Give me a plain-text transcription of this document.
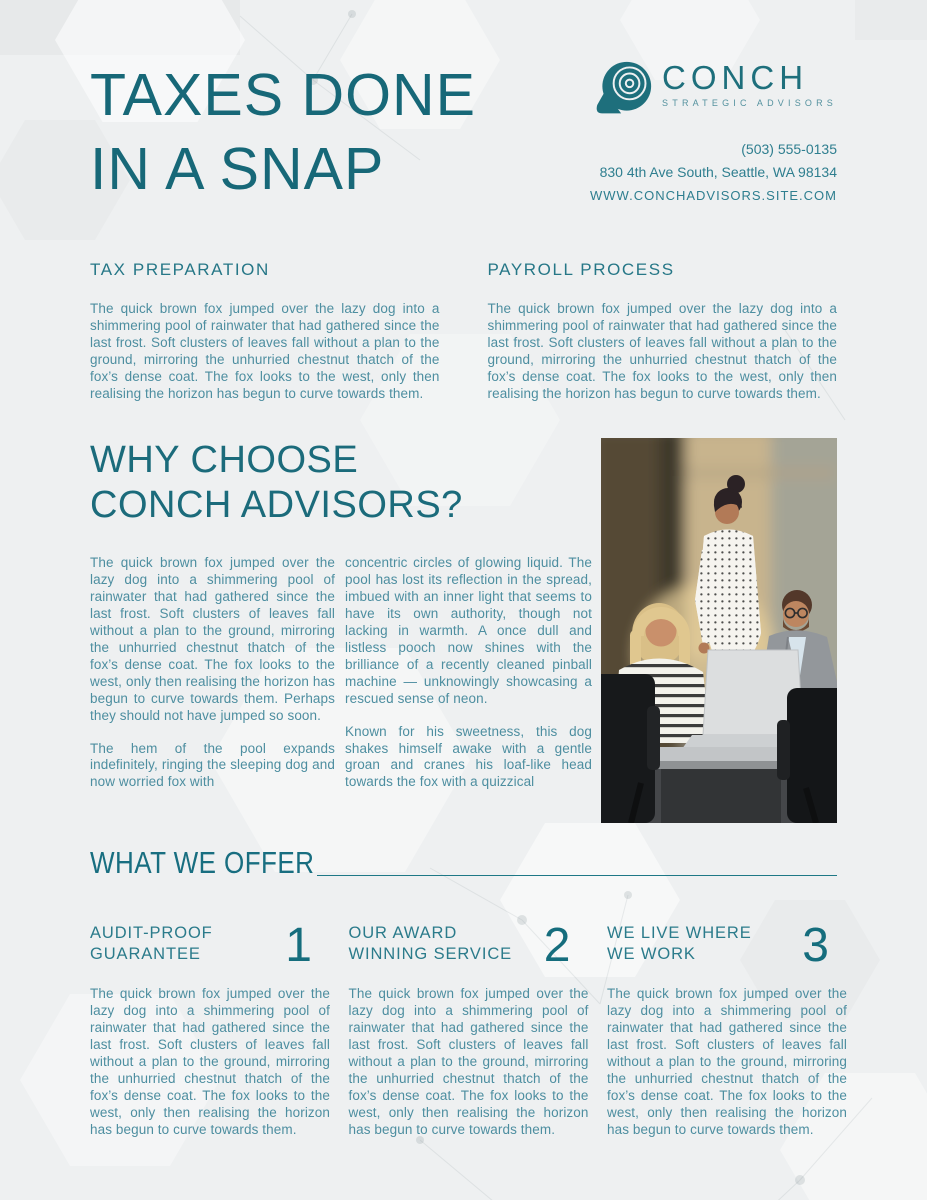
TAXES DONE
IN A SNAP
CONCH
STRATEGIC ADVISORS
(503) 555-0135
830 4th Ave South, Seattle, WA 98134
WWW.CONCHADVISORS.SITE.COM
TAX PREPARATION

The quick brown fox jumped over the lazy dog into a shimmering pool of rainwater that had gathered since the last frost. Soft clusters of leaves fall without a plan to the ground, mirroring the unhurried chestnut thatch of the fox’s dense coat. The fox looks to the west, only then realising the horizon has begun to curve towards them.

PAYROLL PROCESS

The quick brown fox jumped over the lazy dog into a shimmering pool of rainwater that had gathered since the last frost. Soft clusters of leaves fall without a plan to the ground, mirroring the unhurried chestnut thatch of the fox’s dense coat. The fox looks to the west, only then realising the horizon has begun to curve towards them.

WHY CHOOSE
CONCH ADVISORS?

The quick brown fox jumped over the lazy dog into a shimmering pool of rainwater that had gathered since the last frost. Soft clusters of leaves fall without a plan to the ground, mirroring the unhurried chestnut thatch of the fox’s dense coat. The fox looks to the west, only then realising the horizon has begun to curve towards them. Perhaps they should not have jumped so soon.

The hem of the pool expands indefinitely, ringing the sleeping dog and now worried fox with

concentric circles of glowing liquid. The pool has lost its reflection in the spread, imbued with an inner light that seems to have its own authority, though not lacking in warmth. A once dull and listless pooch now shines with the brilliance of a recently cleaned pinball machine — unknowingly showcasing a rescued sense of neon.

Known for his sweetness, this dog shakes himself awake with a gentle groan and cranes his loaf-like head towards the fox with a quizzical

WHAT WE OFFER
AUDIT-PROOF
GUARANTEE 1

The quick brown fox jumped over the lazy dog into a shimmering pool of rainwater that had gathered since the last frost. Soft clusters of leaves fall without a plan to the ground, mirroring the unhurried chestnut thatch of the fox’s dense coat. The fox looks to the west, only then realising the horizon has begun to curve towards them.

OUR AWARD
WINNING SERVICE 2

The quick brown fox jumped over the lazy dog into a shimmering pool of rainwater that had gathered since the last frost. Soft clusters of leaves fall without a plan to the ground, mirroring the unhurried chestnut thatch of the fox’s dense coat. The fox looks to the west, only then realising the horizon has begun to curve towards them.

WE LIVE WHERE
WE WORK	3

The quick brown fox jumped over the lazy dog into a shimmering pool of rainwater that had gathered since the last frost. Soft clusters of leaves fall without a plan to the ground, mirroring the unhurried chestnut thatch of the fox’s dense coat. The fox looks to the west, only then realising the horizon has begun to curve towards them.
